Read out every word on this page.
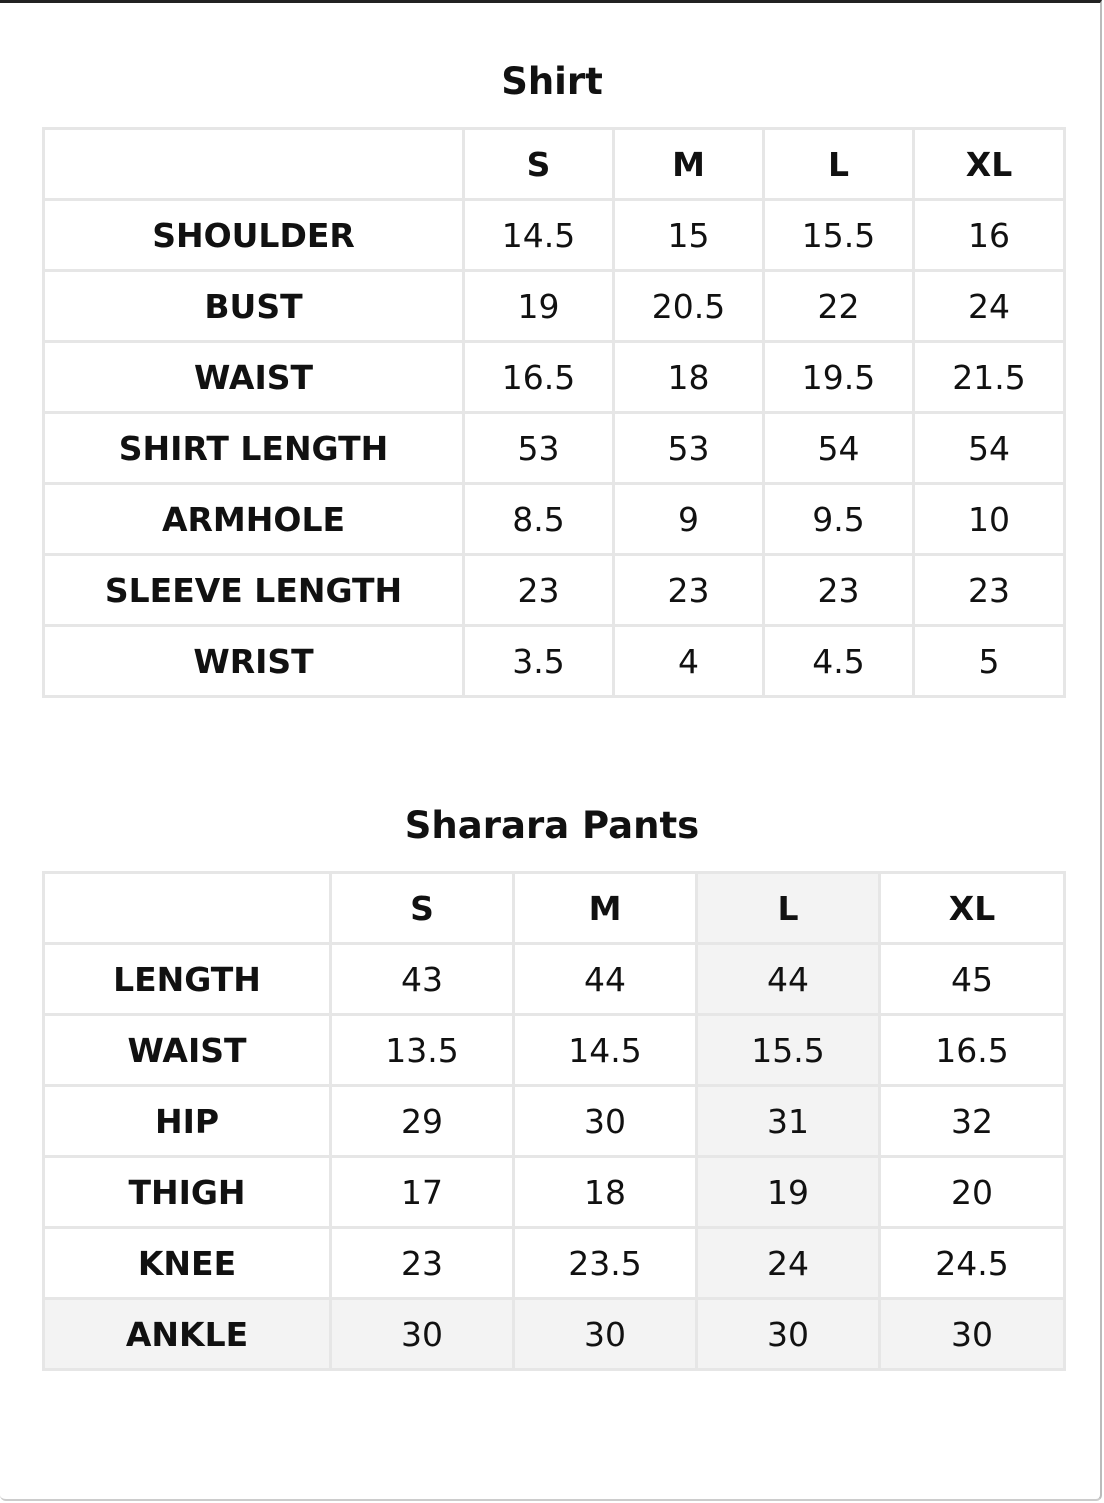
Shirt
	S	M	L	XL
SHOULDER	14.5	15	15.5	16
BUST	19	20.5	22	24
WAIST	16.5	18	19.5	21.5
SHIRT LENGTH	53	53	54	54
ARMHOLE	8.5	9	9.5	10
SLEEVE LENGTH	23	23	23	23
WRIST	3.5	4	4.5	5
Sharara Pants
	S	M	L	XL
LENGTH	43	44	44	45
WAIST	13.5	14.5	15.5	16.5
HIP	29	30	31	32
THIGH	17	18	19	20
KNEE	23	23.5	24	24.5
ANKLE	30	30	30	30
